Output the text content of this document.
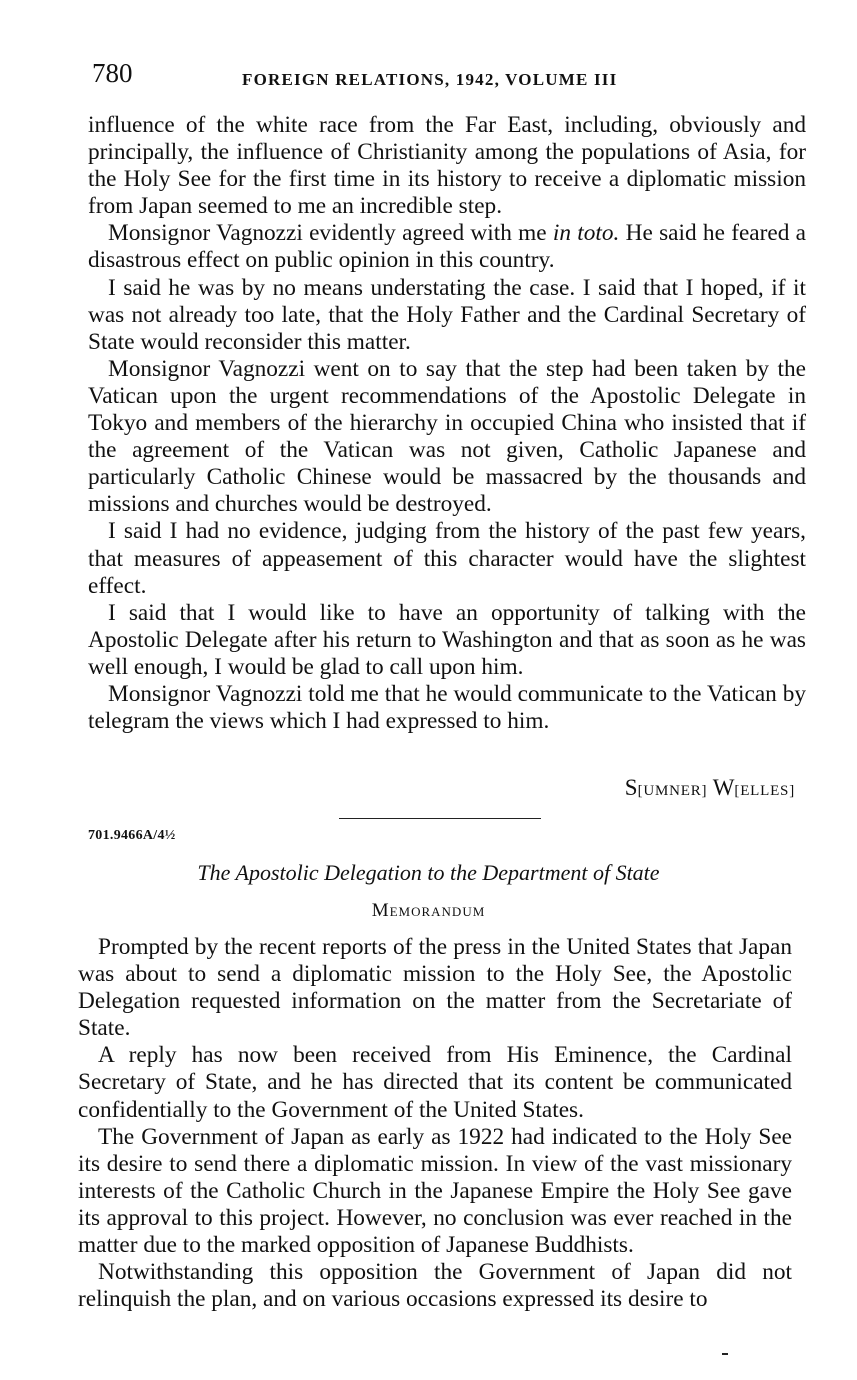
780	FOREIGN RELATIONS, 1942, VOLUME III

influence of the white race from the Far East, including, obviously and principally, the influence of Christianity among the populations of Asia, for the Holy See for the first time in its history to receive a diplomatic mission from Japan seemed to me an incredible step.

Monsignor Vagnozzi evidently agreed with me in toto. He said he feared a disastrous effect on public opinion in this country.

I said he was by no means understating the case. I said that I hoped, if it was not already too late, that the Holy Father and the Cardinal Secretary of State would reconsider this matter.

Monsignor Vagnozzi went on to say that the step had been taken by the Vatican upon the urgent recommendations of the Apostolic Delegate in Tokyo and members of the hierarchy in occupied China who insisted that if the agreement of the Vatican was not given, Catholic Japanese and particularly Catholic Chinese would be massacred by the thousands and missions and churches would be destroyed.

I said I had no evidence, judging from the history of the past few years, that measures of appeasement of this character would have the slightest effect.

I said that I would like to have an opportunity of talking with the Apostolic Delegate after his return to Washington and that as soon as he was well enough, I would be glad to call upon him.

Monsignor Vagnozzi told me that he would communicate to the Vatican by telegram the views which I had expressed to him.

S[UMNER] W[ELLES]
701.9466A/4½
The Apostolic Delegation to the Department of State
Memorandum

Prompted by the recent reports of the press in the United States that Japan was about to send a diplomatic mission to the Holy See, the Apostolic Delegation requested information on the matter from the Secretariate of State.

A reply has now been received from His Eminence, the Cardinal Secretary of State, and he has directed that its content be communicated confidentially to the Government of the United States.

The Government of Japan as early as 1922 had indicated to the Holy See its desire to send there a diplomatic mission. In view of the vast missionary interests of the Catholic Church in the Japanese Empire the Holy See gave its approval to this project. However, no conclusion was ever reached in the matter due to the marked opposition of Japanese Buddhists.

Notwithstanding this opposition the Government of Japan did not relinquish the plan, and on various occasions expressed its desire to
